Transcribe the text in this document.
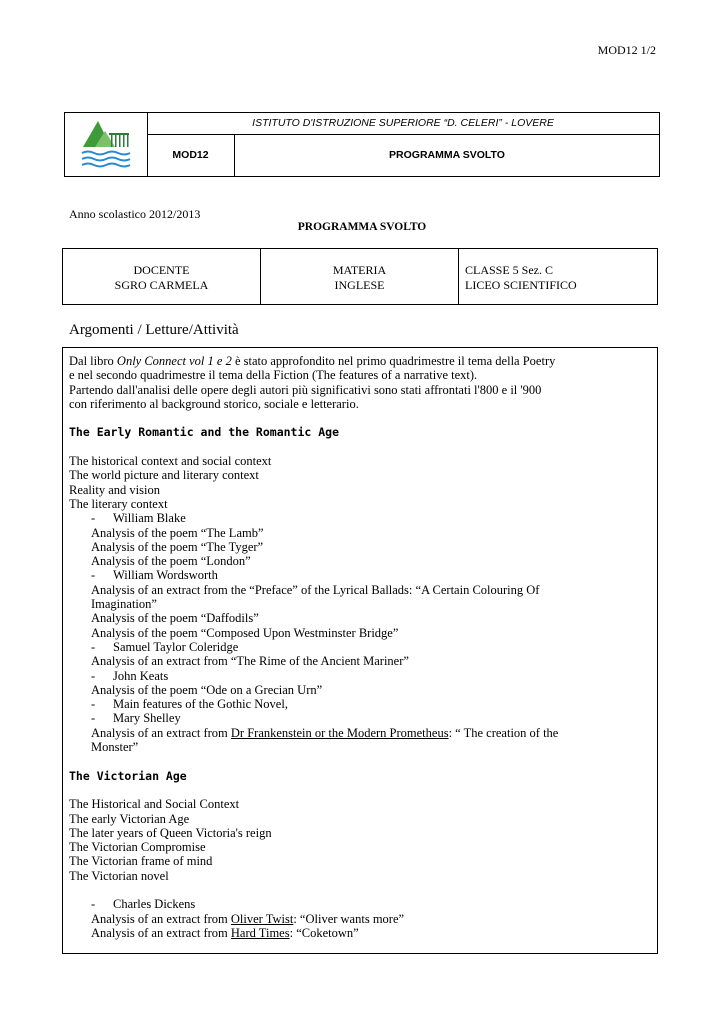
MOD12 1/2
ISTITUTO D'ISTRUZIONE SUPERIORE “D. CELERI” - LOVERE
MOD12	PROGRAMMA SVOLTO
Anno scolastico 2012/2013
PROGRAMMA SVOLTO
DOCENTE
SGRO CARMELA
MATERIA
INGLESE
CLASSE 5 Sez. C
LICEO SCIENTIFICO
Argomenti / Letture/Attività

Dal libro Only Connect vol 1 e 2 è stato approfondito nel primo quadrimestre il tema della Poetry

e nel secondo quadrimestre il tema della Fiction (The features of a narrative text).

Partendo dall'analisi delle opere degli autori più significativi sono stati affrontati l'800 e il '900

con riferimento al background storico, sociale e letterario.

The Early Romantic and the Romantic Age

The historical context and social context

The world picture and literary context

Reality and vision

The literary context

- William Blake

Analysis of the poem “The Lamb”

Analysis of the poem “The Tyger”

Analysis of the poem “London”

- William Wordsworth

Analysis of an extract from the “Preface” of the Lyrical Ballads: “A Certain Colouring Of

Imagination”

Analysis of the poem “Daffodils”

Analysis of the poem “Composed Upon Westminster Bridge”

- Samuel Taylor Coleridge

Analysis of an extract from “The Rime of the Ancient Mariner”

- John Keats

Analysis of the poem “Ode on a Grecian Urn”

- Main features of the Gothic Novel,

- Mary Shelley

Analysis of an extract from Dr Frankenstein or the Modern Prometheus: “ The creation of the

Monster”

The Victorian Age

The Historical and Social Context

The early Victorian Age

The later years of Queen Victoria's reign

The Victorian Compromise

The Victorian frame of mind

The Victorian novel

- Charles Dickens

Analysis of an extract from Oliver Twist: “Oliver wants more”

Analysis of an extract from Hard Times: “Coketown”
